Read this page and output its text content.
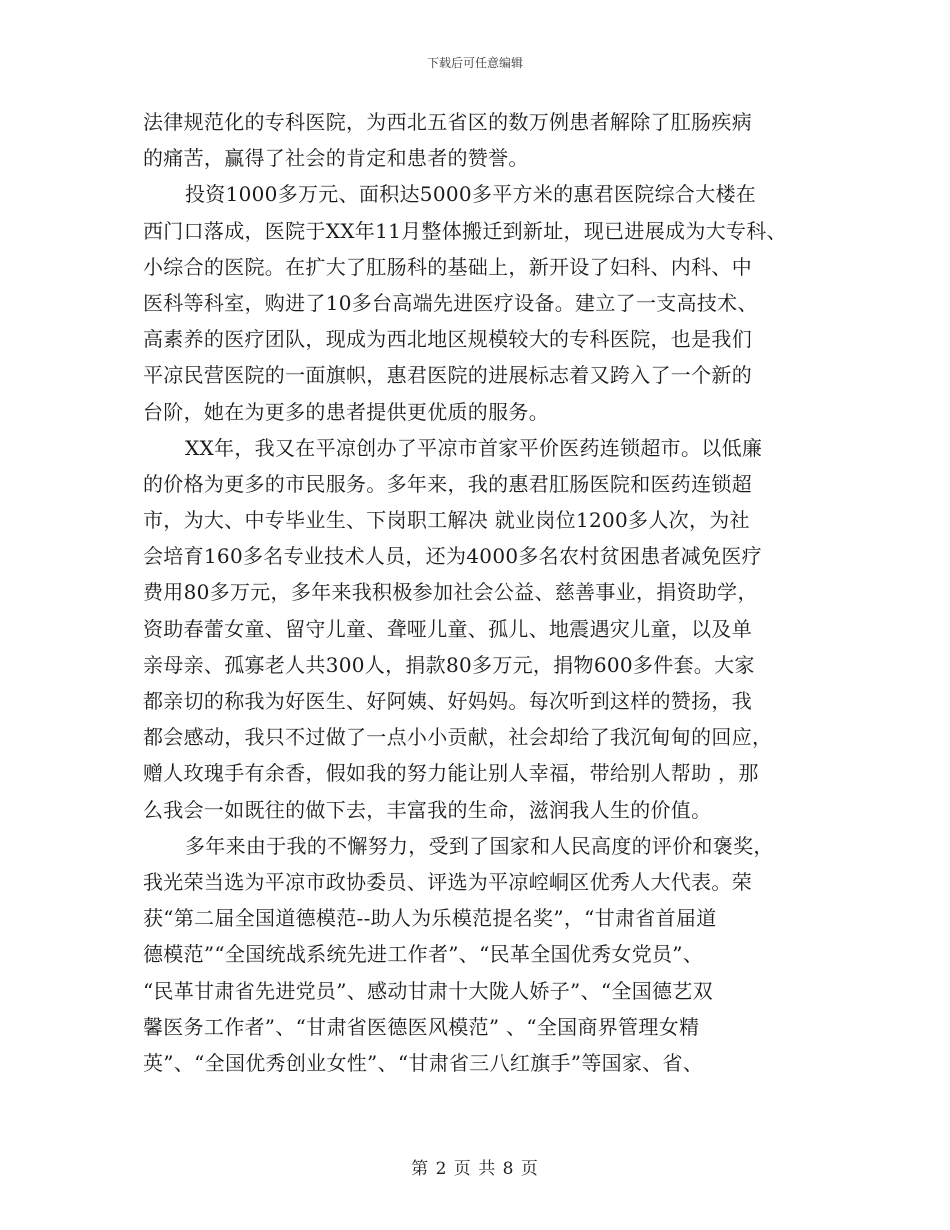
下载后可任意编辑
法律规范化的专科医院，为西北五省区的数万例患者解除了肛肠疾病
的痛苦，赢得了社会的肯定和患者的赞誉。
投资1000多万元、面积达5000多平方米的惠君医院综合大楼在
西门口落成，医院于XX年11月整体搬迁到新址，现已进展成为大专科、
小综合的医院。在扩大了肛肠科的基础上，新开设了妇科、内科、中
医科等科室，购进了10多台高端先进医疗设备。建立了一支高技术、
高素养的医疗团队，现成为西北地区规模较大的专科医院，也是我们
平凉民营医院的一面旗帜，惠君医院的进展标志着又跨入了一个新的
台阶，她在为更多的患者提供更优质的服务。
XX年，我又在平凉创办了平凉市首家平价医药连锁超市。以低廉
的价格为更多的市民服务。多年来，我的惠君肛肠医院和医药连锁超
市，为大、中专毕业生、下岗职工解决 就业岗位1200多人次，为社
会培育160多名专业技术人员，还为4000多名农村贫困患者减免医疗
费用80多万元，多年来我积极参加社会公益、慈善事业，捐资助学，
资助春蕾女童、留守儿童、聋哑儿童、孤儿、地震遇灾儿童，以及单
亲母亲、孤寡老人共300人，捐款80多万元，捐物600多件套。大家
都亲切的称我为好医生、好阿姨、好妈妈。每次听到这样的赞扬，我
都会感动，我只不过做了一点小小贡献，社会却给了我沉甸甸的回应，
赠人玫瑰手有余香，假如我的努力能让别人幸福，带给别人帮助 ，那
么我会一如既往的做下去，丰富我的生命，滋润我人生的价值。
多年来由于我的不懈努力，受到了国家和人民高度的评价和褒奖，
我光荣当选为平凉市政协委员、评选为平凉崆峒区优秀人大代表。荣
获“第二届全国道德模范--助人为乐模范提名奖”，“甘肃省首届道
德模范”“全国统战系统先进工作者”、“民革全国优秀女党员”、
“民革甘肃省先进党员”、感动甘肃十大陇人娇子”、“全国德艺双
馨医务工作者”、“甘肃省医德医风模范” 、“全国商界管理女精
英”、“全国优秀创业女性”、“甘肃省三八红旗手”等国家、省、
第 2 页 共 8 页
